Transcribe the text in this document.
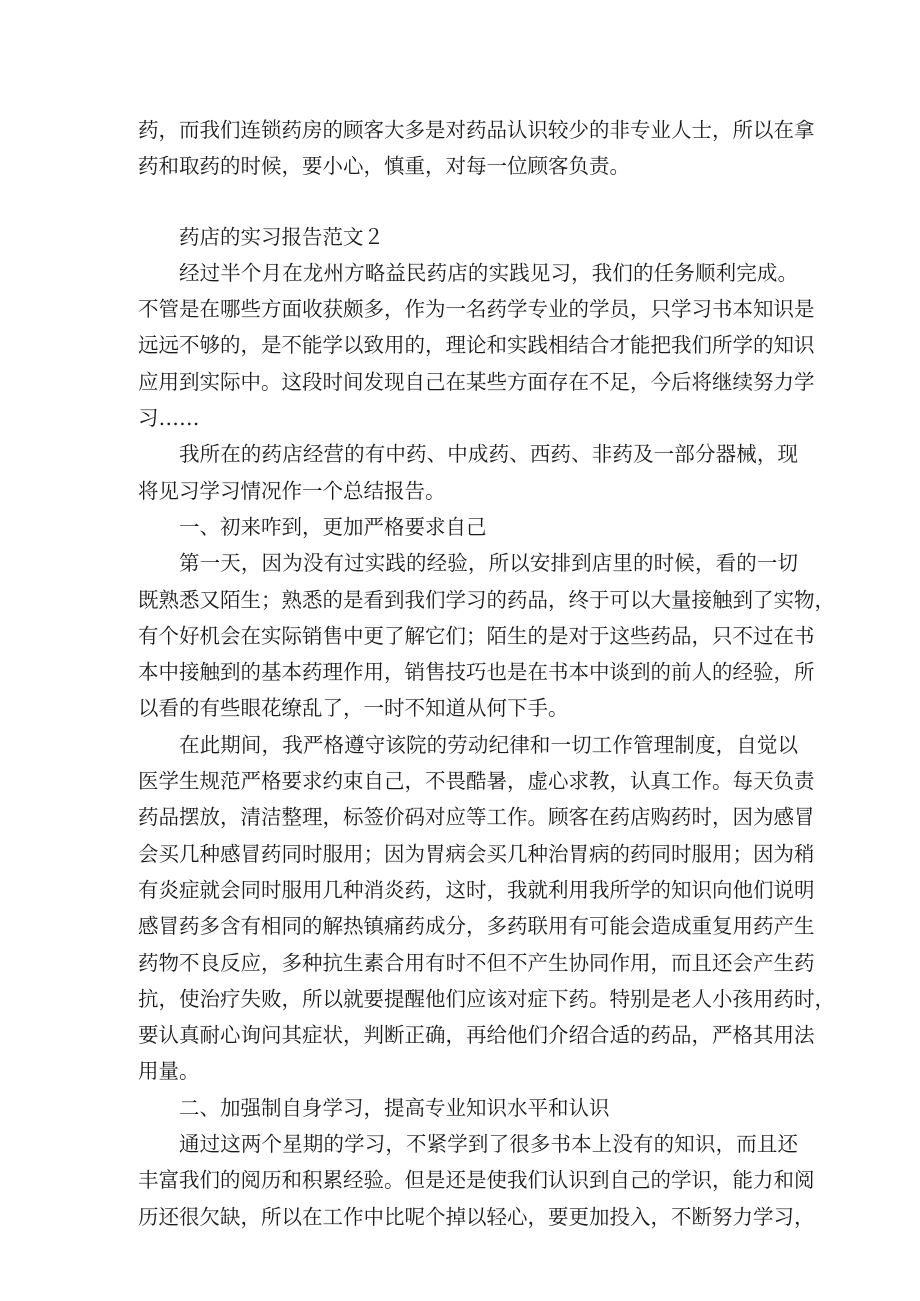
药，而我们连锁药房的顾客大多是对药品认识较少的非专业人士，所以在拿
药和取药的时候，要小心，慎重，对每一位顾客负责。
药店的实习报告范文２
经过半个月在龙州方略益民药店的实践见习，我们的任务顺利完成。
不管是在哪些方面收获颇多，作为一名药学专业的学员，只学习书本知识是
远远不够的，是不能学以致用的，理论和实践相结合才能把我们所学的知识
应用到实际中。这段时间发现自己在某些方面存在不足，今后将继续努力学
习……
我所在的药店经营的有中药、中成药、西药、非药及一部分器械，现
将见习学习情况作一个总结报告。
一、初来咋到，更加严格要求自己
第一天，因为没有过实践的经验，所以安排到店里的时候，看的一切
既熟悉又陌生；熟悉的是看到我们学习的药品，终于可以大量接触到了实物，
有个好机会在实际销售中更了解它们；陌生的是对于这些药品，只不过在书
本中接触到的基本药理作用，销售技巧也是在书本中谈到的前人的经验，所
以看的有些眼花缭乱了，一时不知道从何下手。
在此期间，我严格遵守该院的劳动纪律和一切工作管理制度，自觉以
医学生规范严格要求约束自己，不畏酷暑，虚心求教，认真工作。每天负责
药品摆放，清洁整理，标签价码对应等工作。顾客在药店购药时，因为感冒
会买几种感冒药同时服用；因为胃病会买几种治胃病的药同时服用；因为稍
有炎症就会同时服用几种消炎药，这时，我就利用我所学的知识向他们说明
感冒药多含有相同的解热镇痛药成分，多药联用有可能会造成重复用药产生
药物不良反应，多种抗生素合用有时不但不产生协同作用，而且还会产生药
抗，使治疗失败，所以就要提醒他们应该对症下药。特别是老人小孩用药时，
要认真耐心询问其症状，判断正确，再给他们介绍合适的药品，严格其用法
用量。
二、加强制自身学习，提高专业知识水平和认识
通过这两个星期的学习，不紧学到了很多书本上没有的知识，而且还
丰富我们的阅历和积累经验。但是还是使我们认识到自己的学识，能力和阅
历还很欠缺，所以在工作中比呢个掉以轻心，要更加投入，不断努力学习，
